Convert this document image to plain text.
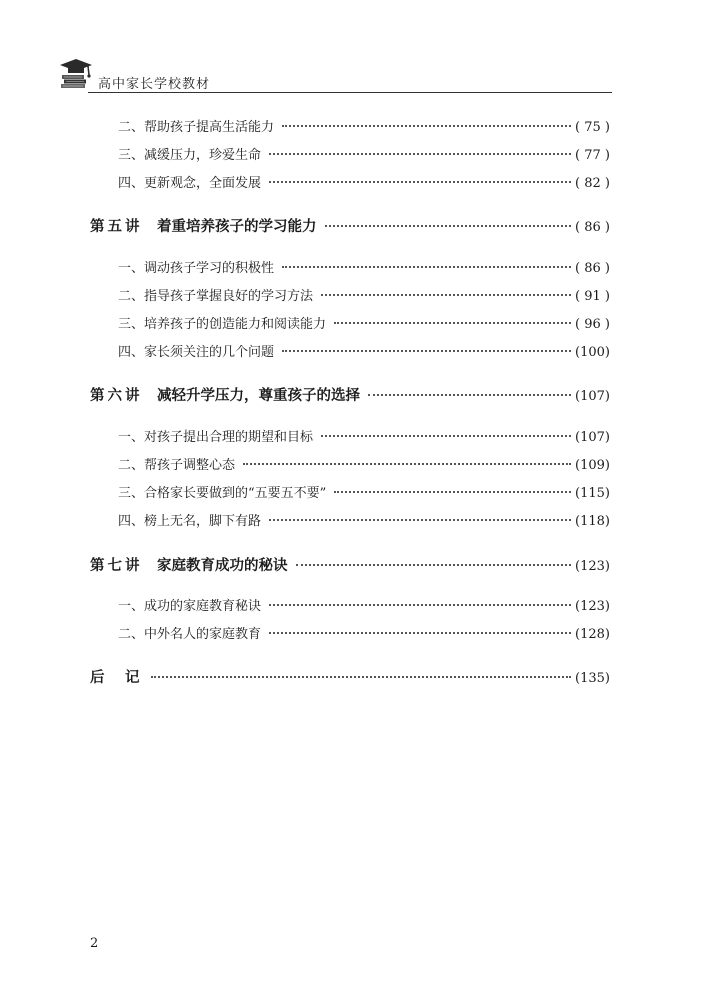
高中家长学校教材
二、帮助孩子提高生活能力	( 75 )
三、减缓压力，珍爱生命	( 77 )
四、更新观念，全面发展	( 82 )
第五讲  着重培养孩子的学习能力	( 86 )
一、调动孩子学习的积极性	( 86 )
二、指导孩子掌握良好的学习方法	( 91 )
三、培养孩子的创造能力和阅读能力	( 96 )
四、家长须关注的几个问题	(100)
第六讲  减轻升学压力，尊重孩子的选择	(107)
一、对孩子提出合理的期望和目标	(107)
二、帮孩子调整心态	(109)
三、合格家长要做到的“五要五不要”	(115)
四、榜上无名，脚下有路	(118)
第七讲  家庭教育成功的秘诀	(123)
一、成功的家庭教育秘诀	(123)
二、中外名人的家庭教育	(128)
后　记	(135)
2
